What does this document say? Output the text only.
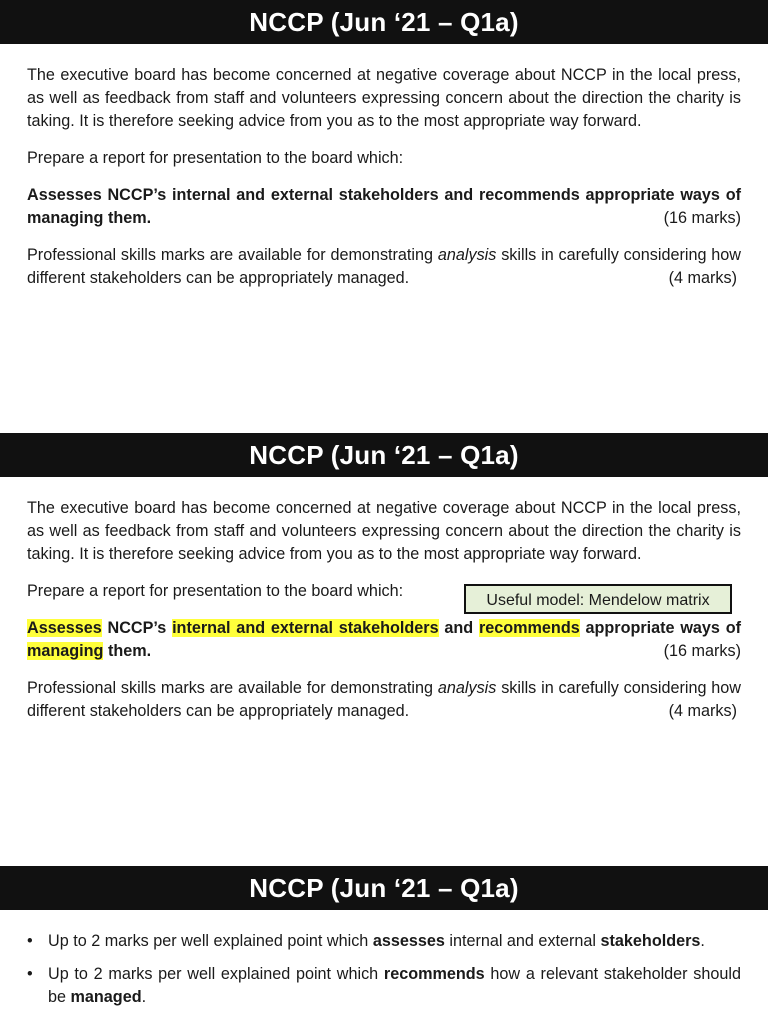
NCCP (Jun ‘21 – Q1a)

The executive board has become concerned at negative coverage about NCCP in the local press, as well as feedback from staff and volunteers expressing concern about the direction the charity is taking. It is therefore seeking advice from you as to the most appropriate way forward.

Prepare a report for presentation to the board which:

Assesses NCCP’s internal and external stakeholders and recommends appropriate ways of managing them.	(16 marks)

Professional skills marks are available for demonstrating analysis skills in carefully considering how different stakeholders can be appropriately managed.	(4 marks)

NCCP (Jun ‘21 – Q1a)

The executive board has become concerned at negative coverage about NCCP in the local press, as well as feedback from staff and volunteers expressing concern about the direction the charity is taking. It is therefore seeking advice from you as to the most appropriate way forward.

Prepare a report for presentation to the board which:

Assesses NCCP’s internal and external stakeholders and recommends appropriate ways of managing them.	(16 marks)

Professional skills marks are available for demonstrating analysis skills in carefully considering how different stakeholders can be appropriately managed.	(4 marks)

Useful model: Mendelow matrix
NCCP (Jun ‘21 – Q1a)
• Up to 2 marks per well explained point which assesses internal and external stakeholders.
• Up to 2 marks per well explained point which recommends how a relevant stakeholder should be managed.
